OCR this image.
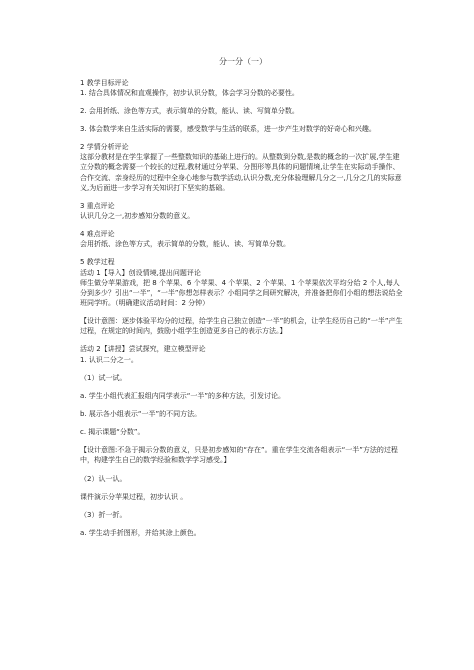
分一分（一）
1 教学目标评论
1. 结合具体情况和直观操作，初步认识分数，体会学习分数的必要性。
2. 会用折纸、涂色等方式，表示简单的分数，能认、读、写简单分数。
3. 体会数学来自生活实际的需要，感受数学与生活的联系，进一步产生对数学的好奇心和兴趣。
2 学情分析评论
这部分教材是在学生掌握了一些整数知识的基础上进行的。从整数到分数,是数的概念的一次扩展,学生建立分数的概念需要一个较长的过程,教材通过分苹果、分图形等具体的问题情境,让学生在实际动手操作、合作交流、亲身经历的过程中全身心地参与数学活动,认识分数,充分体验理解几分之一,几分之几的实际意义,为后面进一步学习有关知识打下坚实的基础。
3 重点评论
认识几分之一,初步感知分数的意义。
4 难点评论
会用折纸、涂色等方式，表示简单的分数，能认、读、写简单分数。
5 教学过程
活动 1【导入】创设情境,提出问题评论
师生做分苹果游戏，把 8 个苹果、6 个苹果、4 个苹果、2 个苹果、1 个苹果依次平均分给 2 个人,每人分到多少？引出“一半”，“一半”你想怎样表示？小组同学之间研究解决，并准备把你们小组的想法说给全班同学听。（明确建议活动时间：2 分钟）
【设计意图：逐步体验平均分的过程，给学生自己独立创造“一半”的机会，让学生经历自己的“一半”产生过程，在规定的时间内，鼓励小组学生创造更多自己的表示方法。】
活动 2【讲授】尝试探究，建立模型评论
1. 认识二分之一。
（1）试一试。
a. 学生小组代表汇报组内同学表示“一半”的多种方法，引发讨论。
b. 展示各小组表示“一半”的不同方法。
c. 揭示课题“分数”。
【设计意图:不急于揭示分数的意义，只是初步感知的“存在”。重在学生交流各组表示“一半”方法的过程中，构建学生自己的数学经验和数学学习感受。】
（2）认一认。
课件演示分苹果过程，初步认识 。
（3）折一折。
a. 学生动手折图形，并给其涂上颜色。
